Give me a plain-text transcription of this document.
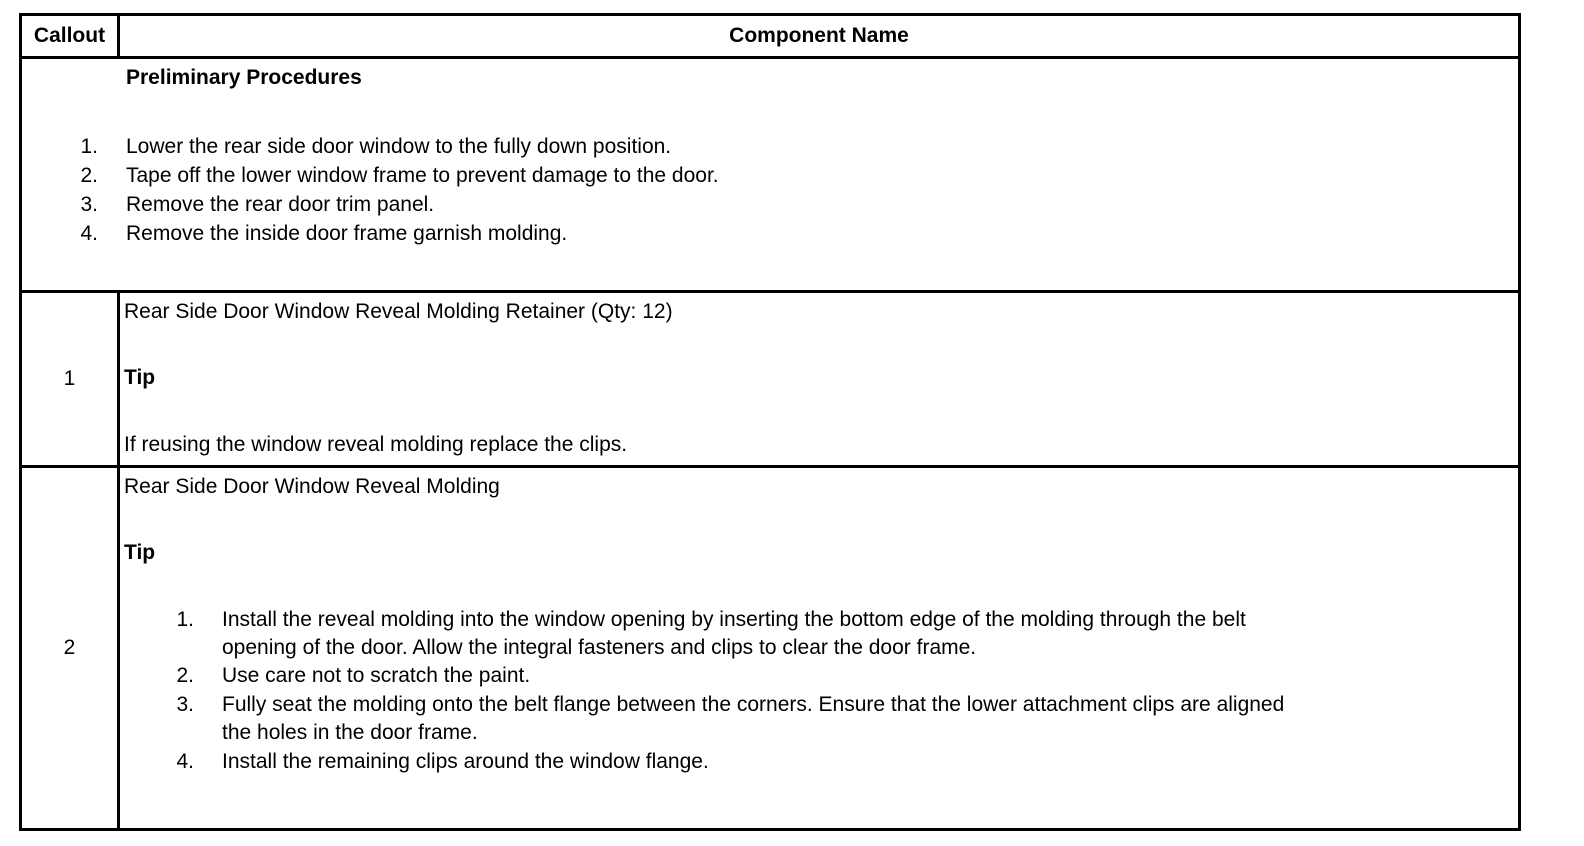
Callout	Component Name
Preliminary Procedures
1. Lower the rear side door window to the fully down position.
2. Tape off the lower window frame to prevent damage to the door.
3. Remove the rear door trim panel.
4. Remove the inside door frame garnish molding.
1
Rear Side Door Window Reveal Molding Retainer (Qty: 12)
Tip
If reusing the window reveal molding replace the clips.
2
Rear Side Door Window Reveal Molding
Tip
1. Install the reveal molding into the window opening by inserting the bottom edge of the molding through the belt
opening of the door. Allow the integral fasteners and clips to clear the door frame.
2. Use care not to scratch the paint.
3. Fully seat the molding onto the belt flange between the corners. Ensure that the lower attachment clips are aligned
the holes in the door frame.
4. Install the remaining clips around the window flange.
